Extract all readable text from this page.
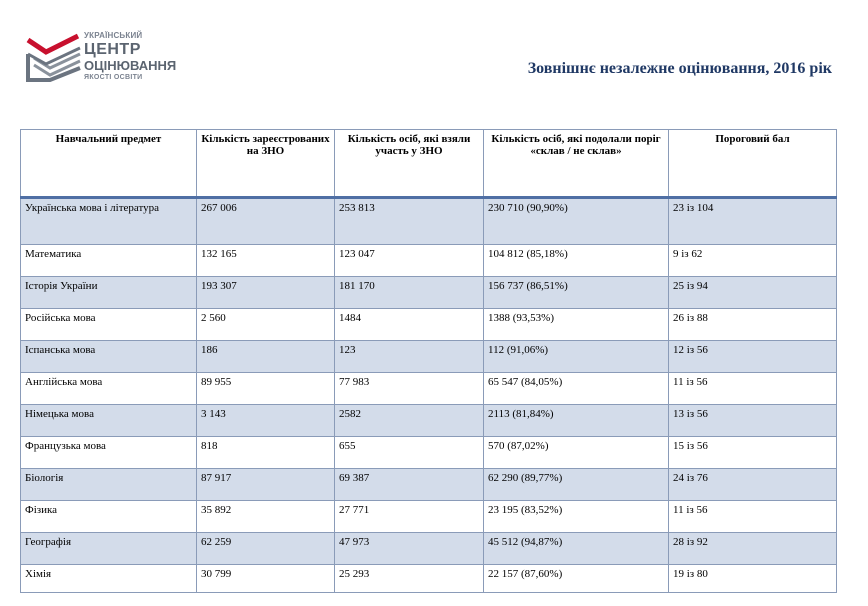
УКРАЇНСЬКИЙ
ЦЕНТР
ОЦІНЮВАННЯ
ЯКОСТІ ОСВІТИ
Зовнішнє незалежне оцінювання, 2016 рік
Навчальний предмет	Кількість зареєстрованих на ЗНО	Кількість осіб, які взяли участь у ЗНО	Кількість осіб, які подолали поріг «склав / не склав»	Пороговий бал
Українська мова і література	267 006	253 813	230 710 (90,90%)	23 із 104
Математика	132 165	123 047	104 812 (85,18%)	9 із 62
Історія України	193 307	181 170	156 737 (86,51%)	25 із 94
Російська мова	2 560	1484	1388 (93,53%)	26 із 88
Іспанська мова	186	123	112 (91,06%)	12 із 56
Англійська мова	89 955	77 983	65 547 (84,05%)	11 із 56
Німецька мова	3 143	2582	2113 (81,84%)	13 із 56
Французька мова	818	655	570 (87,02%)	15 із 56
Біологія	87 917	69 387	62 290 (89,77%)	24 із 76
Фізика	35 892	27 771	23 195 (83,52%)	11 із 56
Географія	62 259	47 973	45 512 (94,87%)	28 із 92
Хімія	30 799	25 293	22 157 (87,60%)	19 із 80
